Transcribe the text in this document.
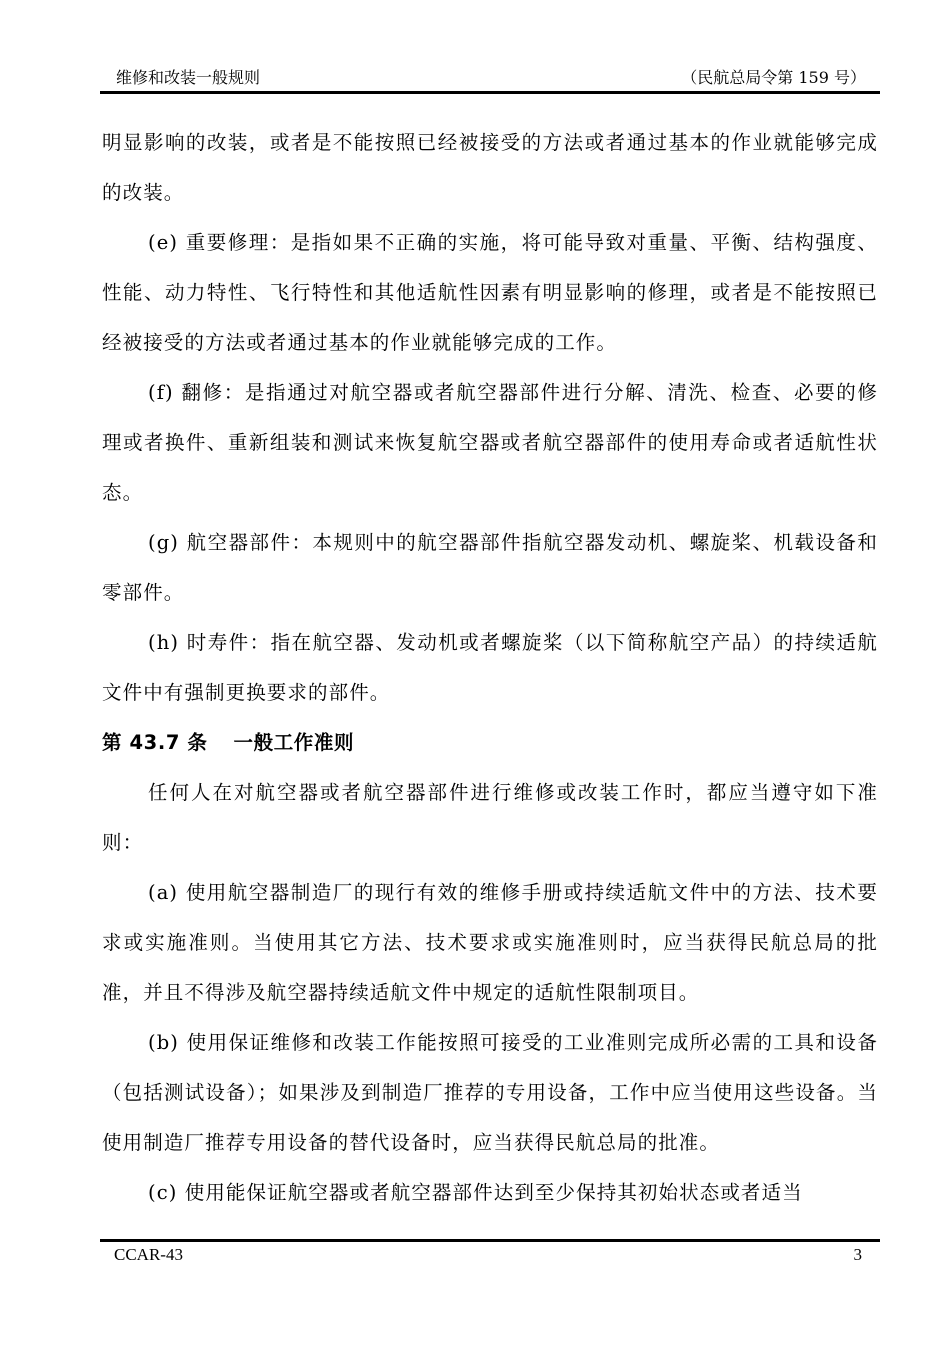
维修和改装一般规则	（民航总局令第 159 号）

明显影响的改装，或者是不能按照已经被接受的方法或者通过基本的作业就能够完成的改装。

(e) 重要修理：是指如果不正确的实施，将可能导致对重量、平衡、结构强度、性能、动力特性、飞行特性和其他适航性因素有明显影响的修理，或者是不能按照已经被接受的方法或者通过基本的作业就能够完成的工作。

(f) 翻修：是指通过对航空器或者航空器部件进行分解、清洗、检查、必要的修理或者换件、重新组装和测试来恢复航空器或者航空器部件的使用寿命或者适航性状态。

(g) 航空器部件：本规则中的航空器部件指航空器发动机、螺旋桨、机载设备和零部件。

(h) 时寿件：指在航空器、发动机或者螺旋桨（以下简称航空产品）的持续适航文件中有强制更换要求的部件。

第 43.7 条 一般工作准则

任何人在对航空器或者航空器部件进行维修或改装工作时，都应当遵守如下准则：

(a) 使用航空器制造厂的现行有效的维修手册或持续适航文件中的方法、技术要求或实施准则。当使用其它方法、技术要求或实施准则时，应当获得民航总局的批准，并且不得涉及航空器持续适航文件中规定的适航性限制项目。

(b) 使用保证维修和改装工作能按照可接受的工业准则完成所必需的工具和设备（包括测试设备）；如果涉及到制造厂推荐的专用设备，工作中应当使用这些设备。当使用制造厂推荐专用设备的替代设备时，应当获得民航总局的批准。

(c) 使用能保证航空器或者航空器部件达到至少保持其初始状态或者适当

CCAR-43	3
